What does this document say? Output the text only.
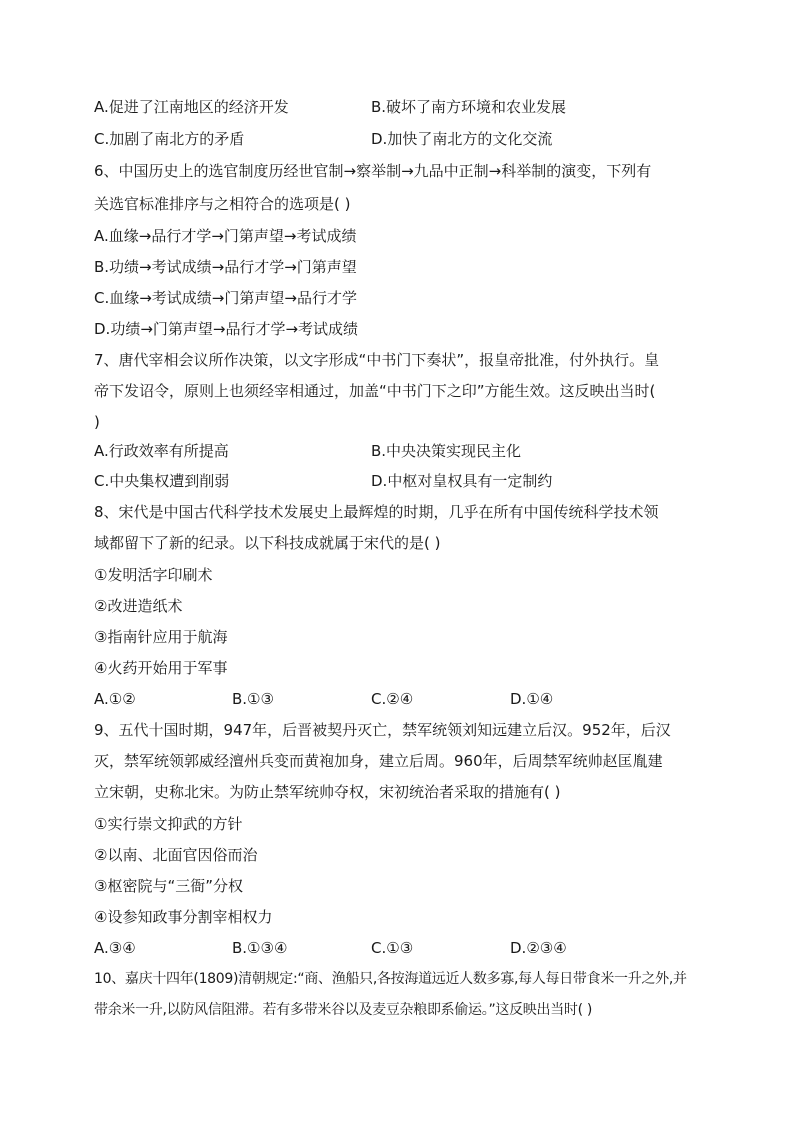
A.促进了江南地区的经济开发	B.破坏了南方环境和农业发展
C.加剧了南北方的矛盾	D.加快了南北方的文化交流
6、中国历史上的选官制度历经世官制→察举制→九品中正制→科举制的演变，下列有
关选官标准排序与之相符合的选项是( )
A.血缘→品行才学→门第声望→考试成绩
B.功绩→考试成绩→品行才学→门第声望
C.血缘→考试成绩→门第声望→品行才学
D.功绩→门第声望→品行才学→考试成绩
7、唐代宰相会议所作决策，以文字形成“中书门下奏状”，报皇帝批准，付外执行。皇
帝下发诏令，原则上也须经宰相通过，加盖“中书门下之印”方能生效。这反映出当时(
)
A.行政效率有所提高	B.中央决策实现民主化
C.中央集权遭到削弱	D.中枢对皇权具有一定制约
8、宋代是中国古代科学技术发展史上最辉煌的时期，几乎在所有中国传统科学技术领
域都留下了新的纪录。以下科技成就属于宋代的是( )
①发明活字印刷术
②改进造纸术
③指南针应用于航海
④火药开始用于军事
A.①②	B.①③	C.②④	D.①④
9、五代十国时期，947年，后晋被契丹灭亡，禁军统领刘知远建立后汉。952年，后汉
灭，禁军统领郭威经澶州兵变而黄袍加身，建立后周。960年，后周禁军统帅赵匡胤建
立宋朝，史称北宋。为防止禁军统帅夺权，宋初统治者采取的措施有( )
①实行崇文抑武的方针
②以南、北面官因俗而治
③枢密院与“三衙”分权
④设参知政事分割宰相权力
A.③④	B.①③④	C.①③	D.②③④
10、嘉庆十四年(1809)清朝规定:“商、渔船只,各按海道远近人数多寡,每人每日带食米一升之外,并
带余米一升,以防风信阻滞。若有多带米谷以及麦豆杂粮即系偷运。”这反映出当时( )
